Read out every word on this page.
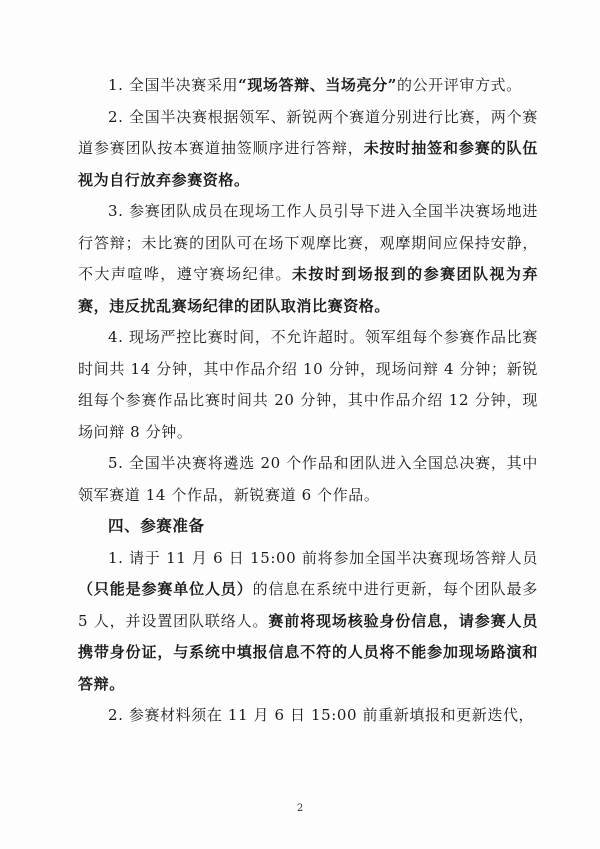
1. 全国半决赛采用“现场答辩、当场亮分”的公开评审方式。

2. 全国半决赛根据领军、新锐两个赛道分别进行比赛，两个赛道参赛团队按本赛道抽签顺序进行答辩，未按时抽签和参赛的队伍视为自行放弃参赛资格。

3. 参赛团队成员在现场工作人员引导下进入全国半决赛场地进行答辩；未比赛的团队可在场下观摩比赛，观摩期间应保持安静，不大声喧哗，遵守赛场纪律。未按时到场报到的参赛团队视为弃赛，违反扰乱赛场纪律的团队取消比赛资格。

4. 现场严控比赛时间，不允许超时。领军组每个参赛作品比赛时间共 14 分钟，其中作品介绍 10 分钟，现场问辩 4 分钟；新锐组每个参赛作品比赛时间共 20 分钟，其中作品介绍 12 分钟，现场问辩 8 分钟。

5. 全国半决赛将遴选 20 个作品和团队进入全国总决赛，其中领军赛道 14 个作品，新锐赛道 6 个作品。

四、参赛准备

1. 请于 11 月 6 日 15:00 前将参加全国半决赛现场答辩人员（只能是参赛单位人员）的信息在系统中进行更新，每个团队最多 5 人，并设置团队联络人。赛前将现场核验身份信息，请参赛人员携带身份证，与系统中填报信息不符的人员将不能参加现场路演和答辩。

2. 参赛材料须在 11 月 6 日 15:00 前重新填报和更新迭代，

2
